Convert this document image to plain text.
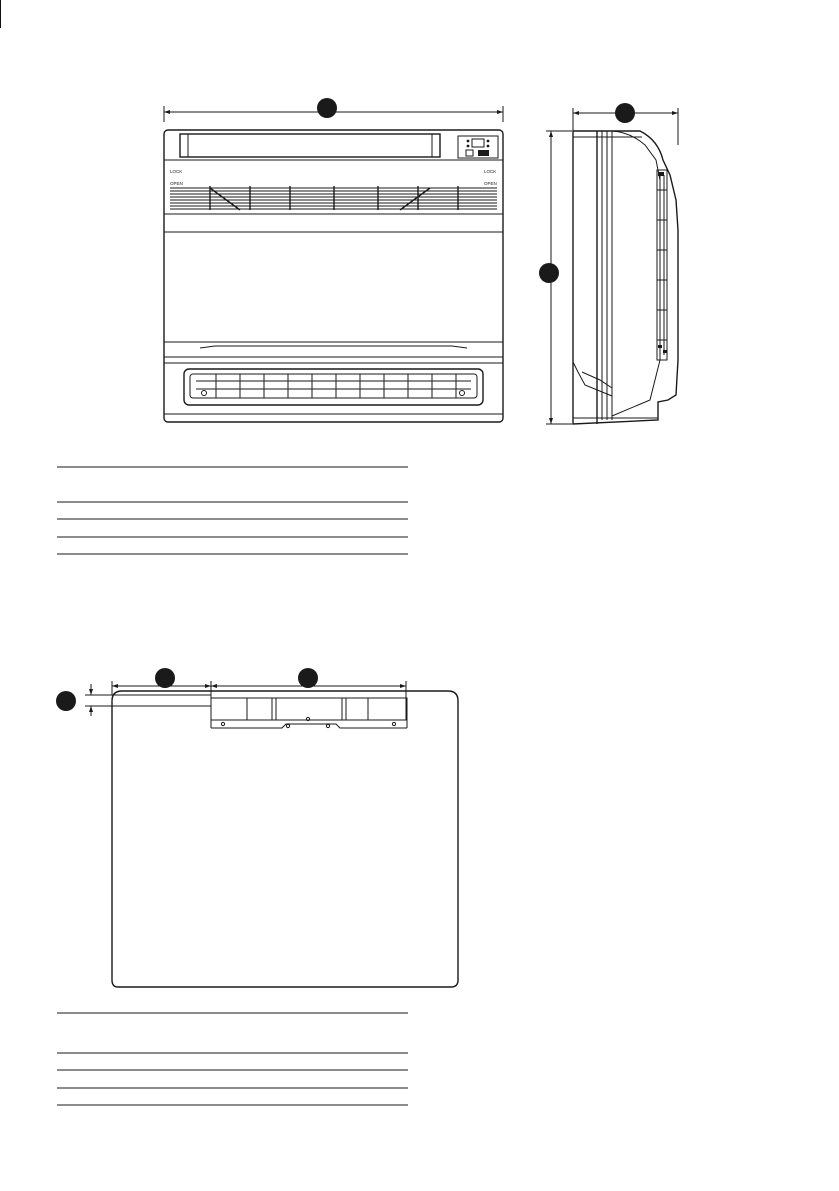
LOCK
OPEN
LOCK
OPEN
